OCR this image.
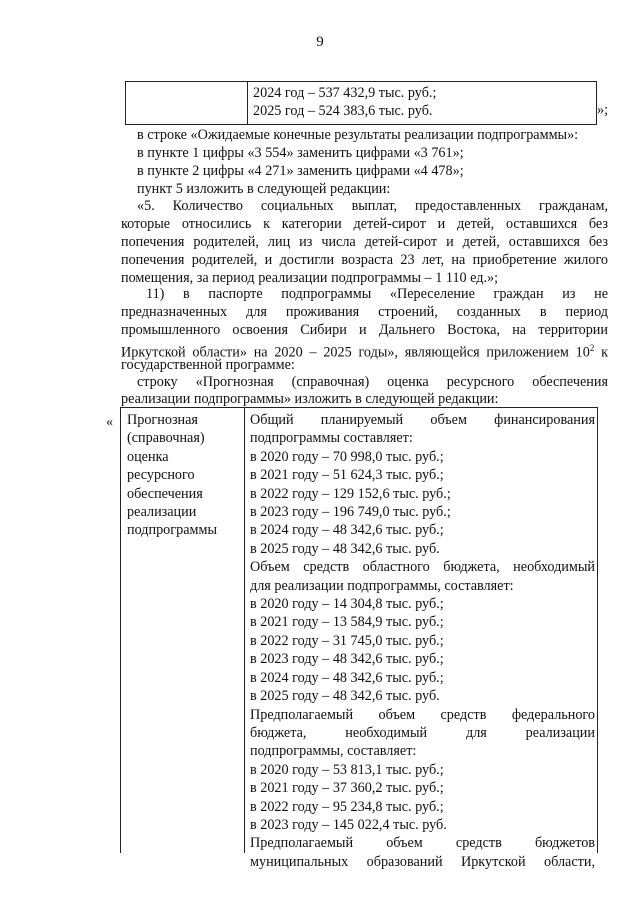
9
2024 год – 537 432,9 тыс. руб.;
2025 год – 524 383,6 тыс. руб.	»;
в строке «Ожидаемые конечные результаты реализации подпрограммы»:
в пункте 1 цифры «3 554» заменить цифрами «3 761»;
в пункте 2 цифры «4 271» заменить цифрами «4 478»;
пункт 5 изложить в следующей редакции:
«5. Количество социальных выплат, предоставленных гражданам,
которые относились к категории детей-сирот и детей, оставшихся без
попечения родителей, лиц из числа детей-сирот и детей, оставшихся без
попечения родителей, и достигли возраста 23 лет, на приобретение жилого
помещения, за период реализации подпрограммы – 1 110 ед.»;
11) в паспорте подпрограммы «Переселение граждан из не
предназначенных для проживания строений, созданных в период
промышленного освоения Сибири и Дальнего Востока, на территории
Иркутской области» на 2020 – 2025 годы», являющейся приложением $10^2$ к
государственной программе:
строку «Прогнозная (справочная) оценка ресурсного обеспечения
реализации подпрограммы» изложить в следующей редакции:
« Прогнозная
(справочная)
оценка
ресурсного
обеспечения
реализации
подпрограммы
Общий планируемый объем финансирования
подпрограммы составляет:
в 2020 году – 70 998,0 тыс. руб.;
в 2021 году – 51 624,3 тыс. руб.;
в 2022 году – 129 152,6 тыс. руб.;
в 2023 году – 196 749,0 тыс. руб.;
в 2024 году – 48 342,6 тыс. руб.;
в 2025 году – 48 342,6 тыс. руб.
Объем средств областного бюджета, необходимый
для реализации подпрограммы, составляет:
в 2020 году – 14 304,8 тыс. руб.;
в 2021 году – 13 584,9 тыс. руб.;
в 2022 году – 31 745,0 тыс. руб.;
в 2023 году – 48 342,6 тыс. руб.;
в 2024 году – 48 342,6 тыс. руб.;
в 2025 году – 48 342,6 тыс. руб.
Предполагаемый объем средств федерального
бюджета, необходимый для реализации
подпрограммы, составляет:
в 2020 году – 53 813,1 тыс. руб.;
в 2021 году – 37 360,2 тыс. руб.;
в 2022 году – 95 234,8 тыс. руб.;
в 2023 году – 145 022,4 тыс. руб.
Предполагаемый объем средств бюджетов
муниципальных образований Иркутской области,
